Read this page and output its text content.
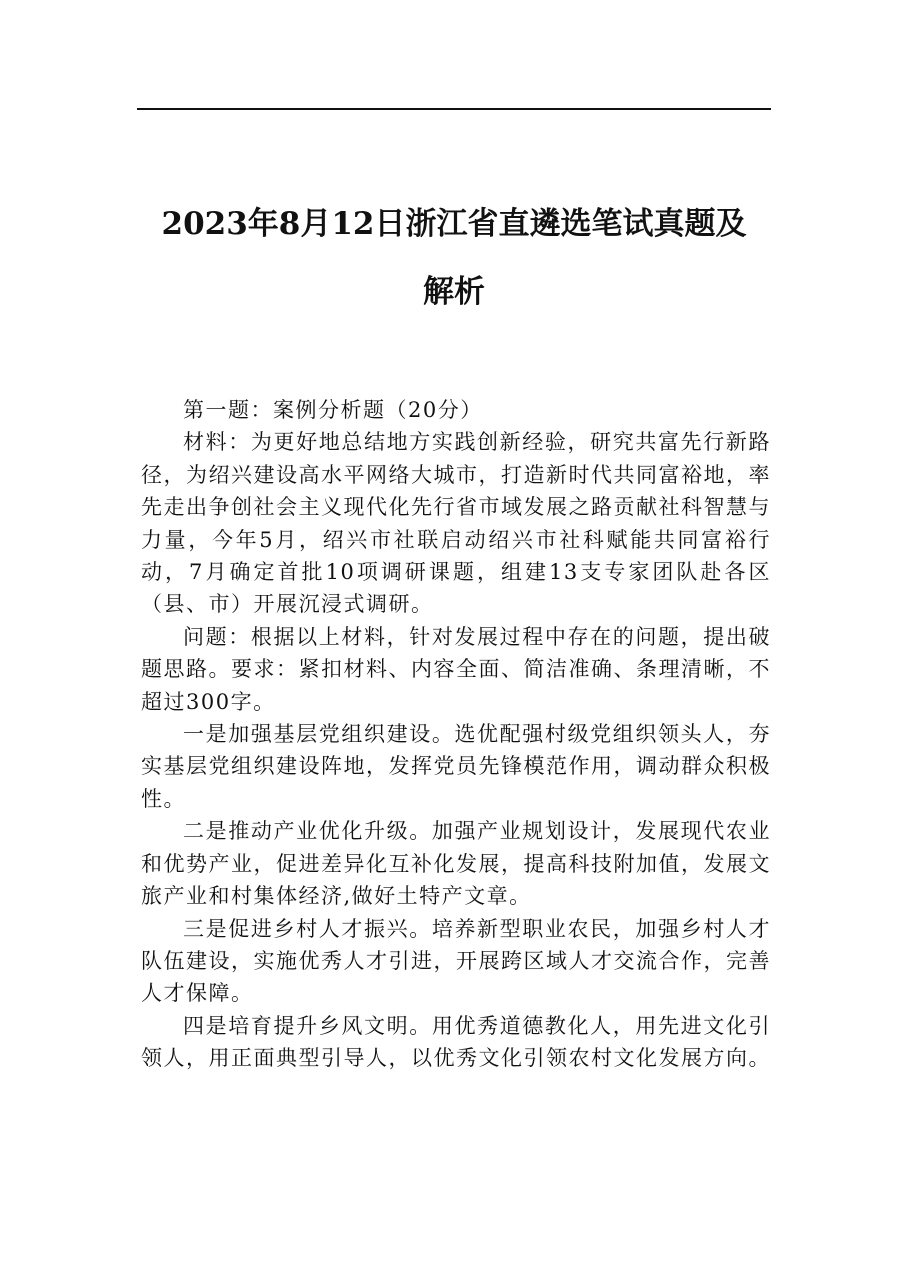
2023年8月12日浙江省直遴选笔试真题及
解析

第一题：案例分析题（20分）

材料：为更好地总结地方实践创新经验，研究共富先行新路径，为绍兴建设高水平网络大城市，打造新时代共同富裕地，率先走出争创社会主义现代化先行省市域发展之路贡献社科智慧与力量，今年5月，绍兴市社联启动绍兴市社科赋能共同富裕行动，7月确定首批10项调研课题，组建13支专家团队赴各区（县、市）开展沉浸式调研。

问题：根据以上材料，针对发展过程中存在的问题，提出破题思路。要求：紧扣材料、内容全面、简洁准确、条理清晰，不超过300字。

一是加强基层党组织建设。选优配强村级党组织领头人，夯实基层党组织建设阵地，发挥党员先锋模范作用，调动群众积极性。

二是推动产业优化升级。加强产业规划设计，发展现代农业和优势产业，促进差异化互补化发展，提高科技附加值，发展文旅产业和村集体经济,做好土特产文章。

三是促进乡村人才振兴。培养新型职业农民，加强乡村人才队伍建设，实施优秀人才引进，开展跨区域人才交流合作，完善人才保障。

四是培育提升乡风文明。用优秀道德教化人，用先进文化引领人，用正面典型引导人，以优秀文化引领农村文化发展方向。
